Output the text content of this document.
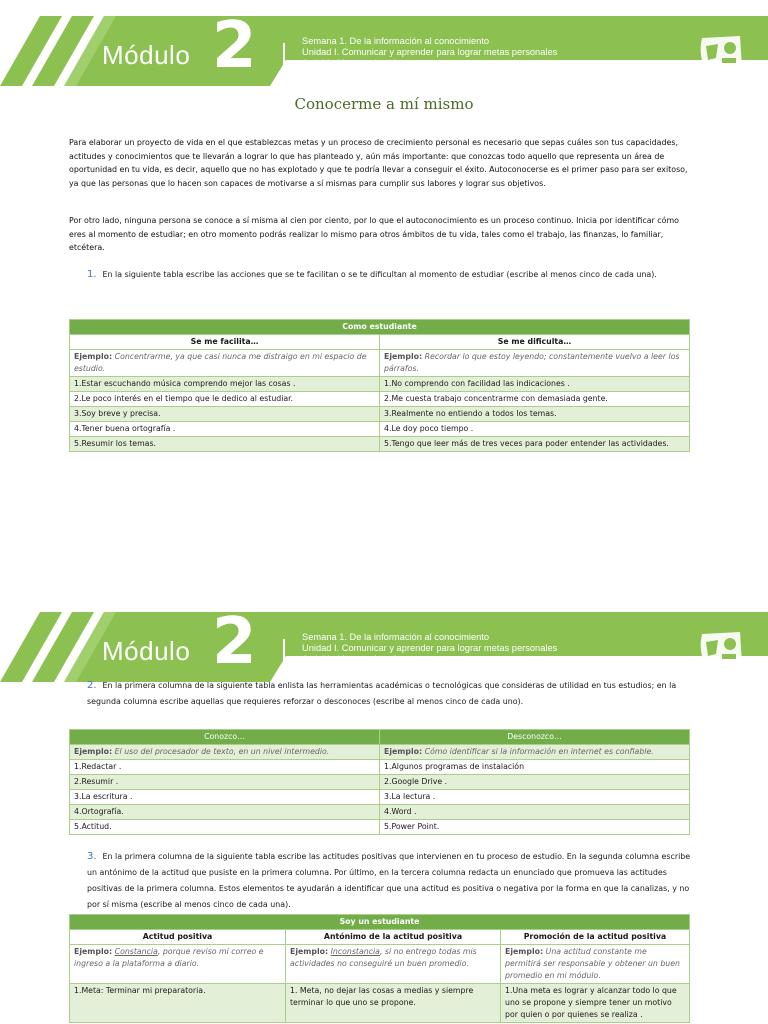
Módulo 2	Semana 1. De la información al conocimiento
Unidad I. Comunicar y aprender para lograr metas personales
Actividad Integradora 1
Conocerme a mí mismo

Para elaborar un proyecto de vida en el que establezcas metas y un proceso de crecimiento personal es necesario que sepas cuáles son tus capacidades, actitudes y conocimientos que te llevarán a lograr lo que has planteado y, aún más importante: que conozcas todo aquello que representa un área de oportunidad en tu vida, es decir, aquello que no has explotado y que te podría llevar a conseguir el éxito. Autoconocerse es el primer paso para ser exitoso, ya que las personas que lo hacen son capaces de motivarse a sí mismas para cumplir sus labores y lograr sus objetivos.

Por otro lado, ninguna persona se conoce a sí misma al cien por ciento, por lo que el autoconocimiento es un proceso continuo. Inicia por identificar cómo eres al momento de estudiar; en otro momento podrás realizar lo mismo para otros ámbitos de tu vida, tales como el trabajo, las finanzas, lo familiar, etcétera.

1. En la siguiente tabla escribe las acciones que se te facilitan o se te dificultan al momento de estudiar (escribe al menos cinco de cada una).
Como estudiante	
Se me facilita…	Se me dificulta…
Ejemplo: Concentrarme, ya que casi nunca me distraigo en mi espacio de estudio.	Ejemplo: Recordar lo que estoy leyendo; constantemente vuelvo a leer los párrafos.
1.Estar escuchando música comprendo mejor las cosas .	1.No comprendo con facilidad las indicaciones .
2.Le poco interés en el tiempo que le dedico al estudiar.	2.Me cuesta trabajo concentrarme con demasiada gente.
3.Soy breve y precisa.	3.Realmente no entiendo a todos los temas.
4.Tener buena ortografía .	4.Le doy poco tiempo .
5.Resumir los temas.	5.Tengo que leer más de tres veces para poder entender las actividades.
Módulo 2	Semana 1. De la información al conocimiento
Unidad I. Comunicar y aprender para lograr metas personales
Actividad Integradora 1
2. En la primera columna de la siguiente tabla enlista las herramientas académicas o tecnológicas que consideras de utilidad en tus estudios; en la segunda columna escribe aquellas que requieres reforzar o desconoces (escribe al menos cinco de cada uno).
Conozco…	Desconozco…
Ejemplo: El uso del procesador de texto, en un nivel intermedio.	Ejemplo: Cómo identificar si la información en internet es confiable.
1.Redactar .	1.Algunos programas de instalación
2.Resumir .	2.Google Drive .
3.La escritura .	3.La lectura .
4.Ortografía.	4.Word .
5.Actitud.	5.Power Point.
3. En la primera columna de la siguiente tabla escribe las actitudes positivas que intervienen en tu proceso de estudio. En la segunda columna escribe un antónimo de la actitud que pusiste en la primera columna. Por último, en la tercera columna redacta un enunciado que promueva las actitudes positivas de la primera columna. Estos elementos te ayudarán a identificar que una actitud es positiva o negativa por la forma en que la canalizas, y no por sí misma (escribe al menos cinco de cada una).
Soy un estudiante		
Actitud positiva	Antónimo de la actitud positiva	Promoción de la actitud positiva
Ejemplo: Constancia, porque reviso mi correo e ingreso a la plataforma a diario.	Ejemplo: Inconstancia, si no entrego todas mis actividades no conseguiré un buen promedio.	Ejemplo: Una actitud constante me permitirá ser responsable y obtener un buen promedio en mi módulo.
1.Meta: Terminar mi preparatoria.	1. Meta, no dejar las cosas a medias y siempre terminar lo que uno se propone.	1.Una meta es lograr y alcanzar todo lo que uno se propone y siempre tener un motivo por quien o por quienes se realiza .
